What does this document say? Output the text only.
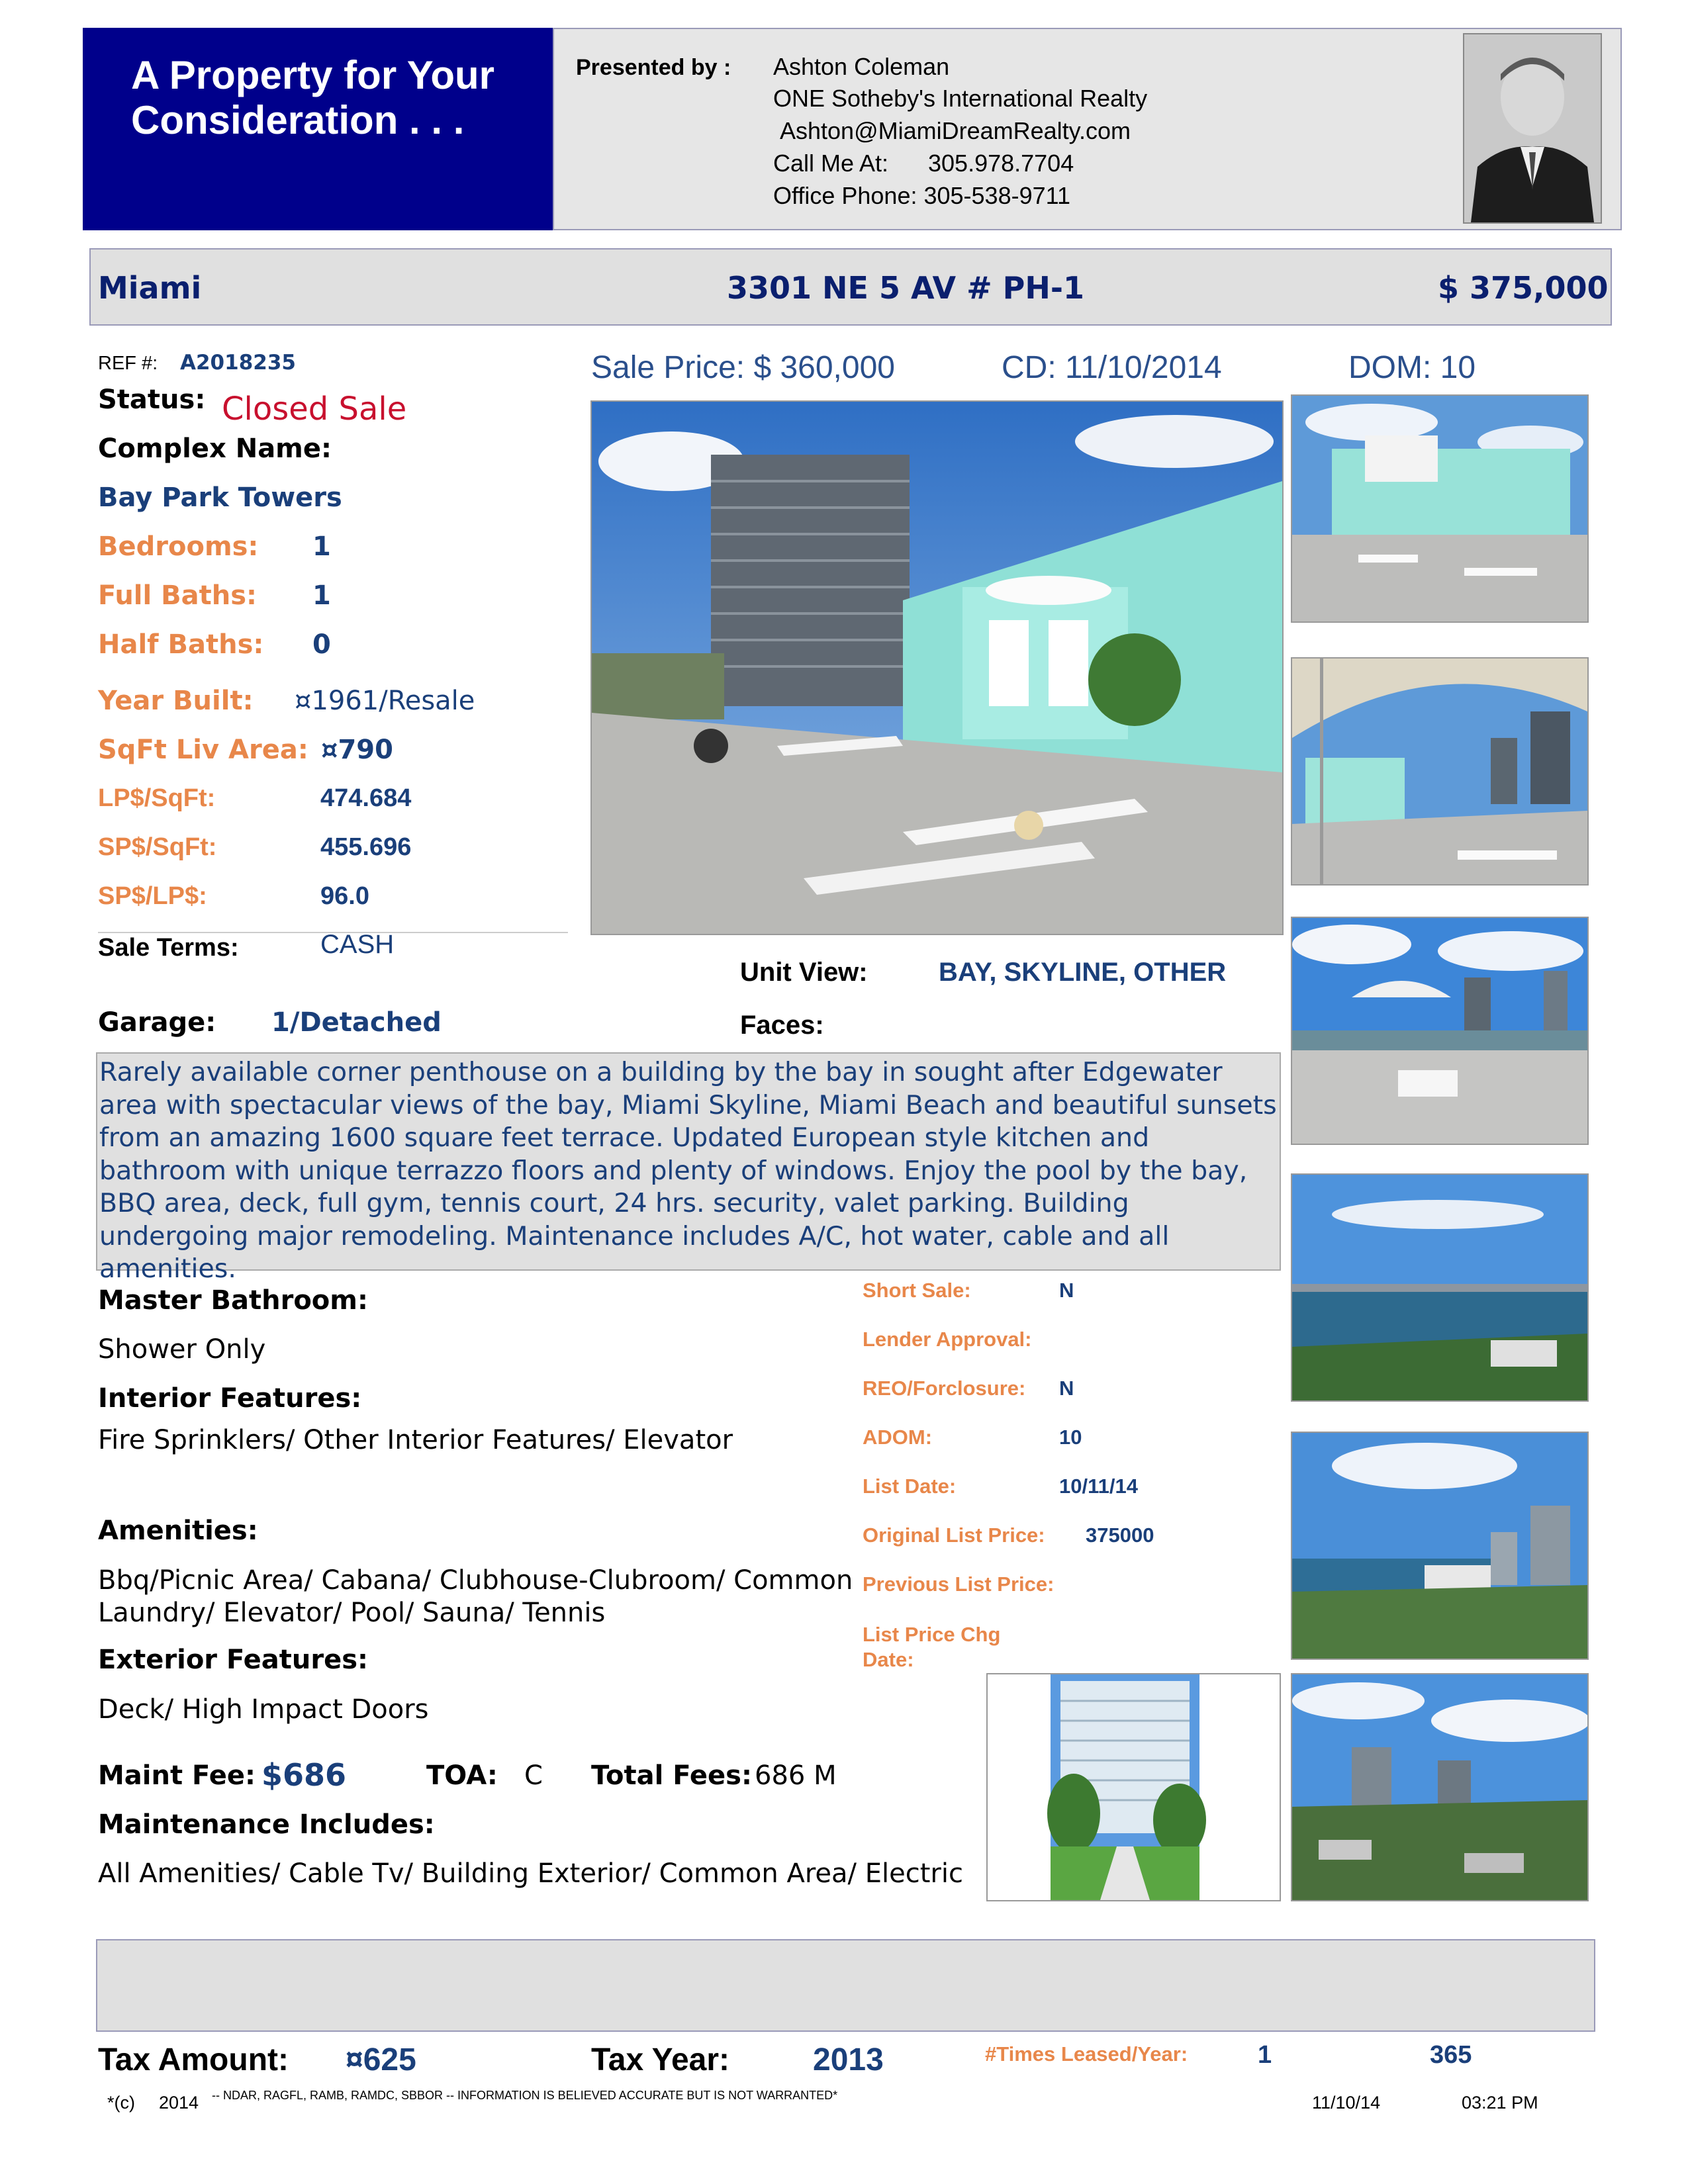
A Property for Your
Consideration . . .
Presented by : Ashton Coleman
ONE Sotheby's International Realty
Ashton@MiamiDreamRealty.com
Call Me At: 305.978.7704
Office Phone: 305-538-9711
Miami	3301 NE 5 AV # PH-1	$ 375,000
Sale Price: $ 360,000	CD: 11/10/2014	DOM: 10
REF #: A2018235
Status: Closed Sale
Complex Name:
Bay Park Towers
Bedrooms: 1
Full Baths: 1
Half Baths: 0
Year Built: ¤1961/Resale
SqFt Liv Area: ¤790
LP$/SqFt:	474.684
SP$/SqFt:	455.696
SP$/LP$:	96.0
Sale Terms:	CASH
Unit View:	BAY, SKYLINE, OTHER
Garage: 1/Detached	Faces:
Rarely available corner penthouse on a building by the bay in sought after Edgewater area with spectacular views of the bay, Miami Skyline, Miami Beach and beautiful sunsets from an amazing 1600 square feet terrace. Updated European style kitchen and bathroom with unique terrazzo floors and plenty of windows. Enjoy the pool by the bay, BBQ area, deck, full gym, tennis court, 24 hrs. security, valet parking. Building undergoing major remodeling. Maintenance includes A/C, hot water, cable and all amenities.
Master Bathroom:
Shower Only
Interior Features:
Fire Sprinklers/ Other Interior Features/ Elevator
Amenities:
Bbq/Picnic Area/ Cabana/ Clubhouse-Clubroom/ Common
Laundry/ Elevator/ Pool/ Sauna/ Tennis
Exterior Features:
Deck/ High Impact Doors
Maint Fee: $686	TOA: C Total Fees: 686 M
Maintenance Includes:
All Amenities/ Cable Tv/ Building Exterior/ Common Area/ Electric
Short Sale:	N
Lender Approval:
REO/Forclosure: N
ADOM:	10
List Date:	10/11/14
Original List Price: 375000
Previous List Price:
List Price Chg
Date:
Tax Amount: ¤625	Tax Year:	2013	#Times Leased/Year:	1	365
*(c) 2014 -- NDAR, RAGFL, RAMB, RAMDC, SBBOR -- INFORMATION IS BELIEVED ACCURATE BUT IS NOT WARRANTED*	11/10/14	03:21 PM
